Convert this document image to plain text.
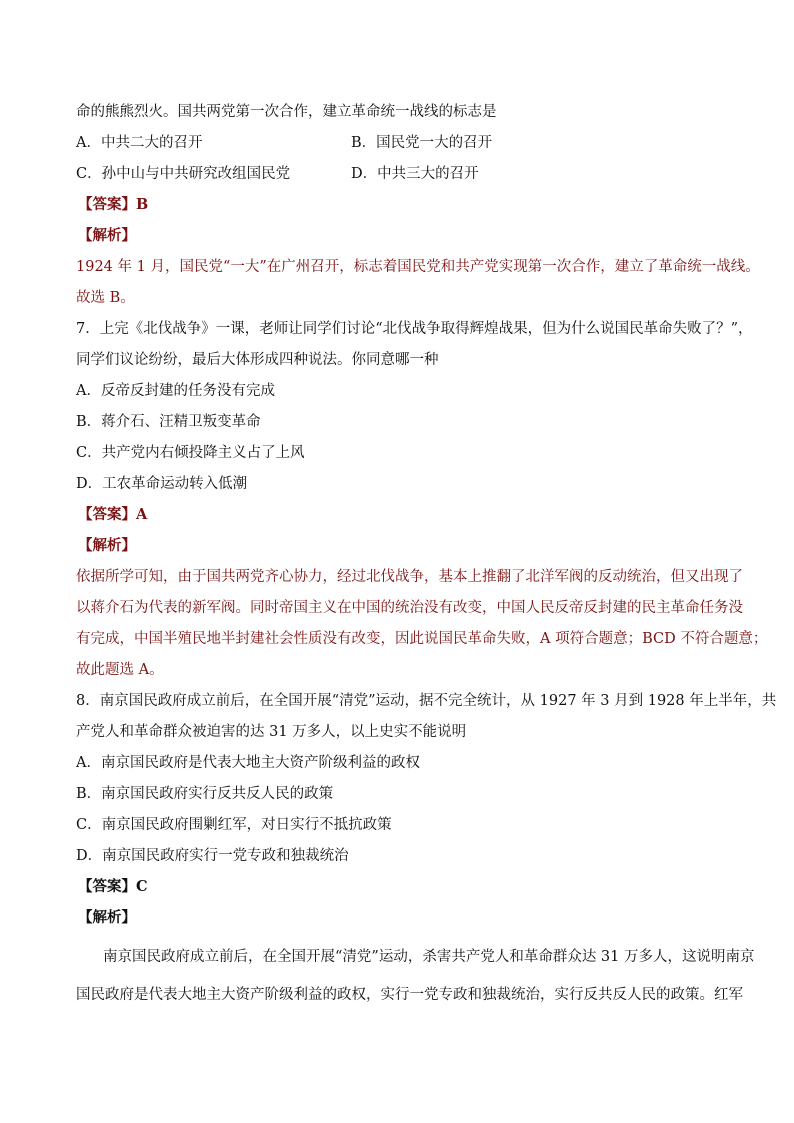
命的熊熊烈火。国共两党第一次合作，建立革命统一战线的标志是
A．中共二大的召开	B．国民党一大的召开
C．孙中山与中共研究改组国民党	D．中共三大的召开
【答案】B
【解析】
1924 年 1 月，国民党“一大”在广州召开，标志着国民党和共产党实现第一次合作，建立了革命统一战线。
故选 B。
7．上完《北伐战争》一课，老师让同学们讨论“北伐战争取得辉煌战果，但为什么说国民革命失败了？”，
同学们议论纷纷，最后大体形成四种说法。你同意哪一种
A．反帝反封建的任务没有完成
B．蒋介石、汪精卫叛变革命
C．共产党内右倾投降主义占了上风
D．工农革命运动转入低潮
【答案】A
【解析】
依据所学可知，由于国共两党齐心协力，经过北伐战争，基本上推翻了北洋军阀的反动统治，但又出现了
以蒋介石为代表的新军阀。同时帝国主义在中国的统治没有改变，中国人民反帝反封建的民主革命任务没
有完成，中国半殖民地半封建社会性质没有改变，因此说国民革命失败，A 项符合题意；BCD 不符合题意；
故此题选 A。
8．南京国民政府成立前后，在全国开展“清党”运动，据不完全统计，从 1927 年 3 月到 1928 年上半年，共
产党人和革命群众被迫害的达 31 万多人，以上史实不能说明
A．南京国民政府是代表大地主大资产阶级利益的政权
B．南京国民政府实行反共反人民的政策
C．南京国民政府围剿红军，对日实行不抵抗政策
D．南京国民政府实行一党专政和独裁统治
【答案】C
【解析】
南京国民政府成立前后，在全国开展“清党”运动，杀害共产党人和革命群众达 31 万多人，这说明南京
国民政府是代表大地主大资产阶级利益的政权，实行一党专政和独裁统治，实行反共反人民的政策。红军
